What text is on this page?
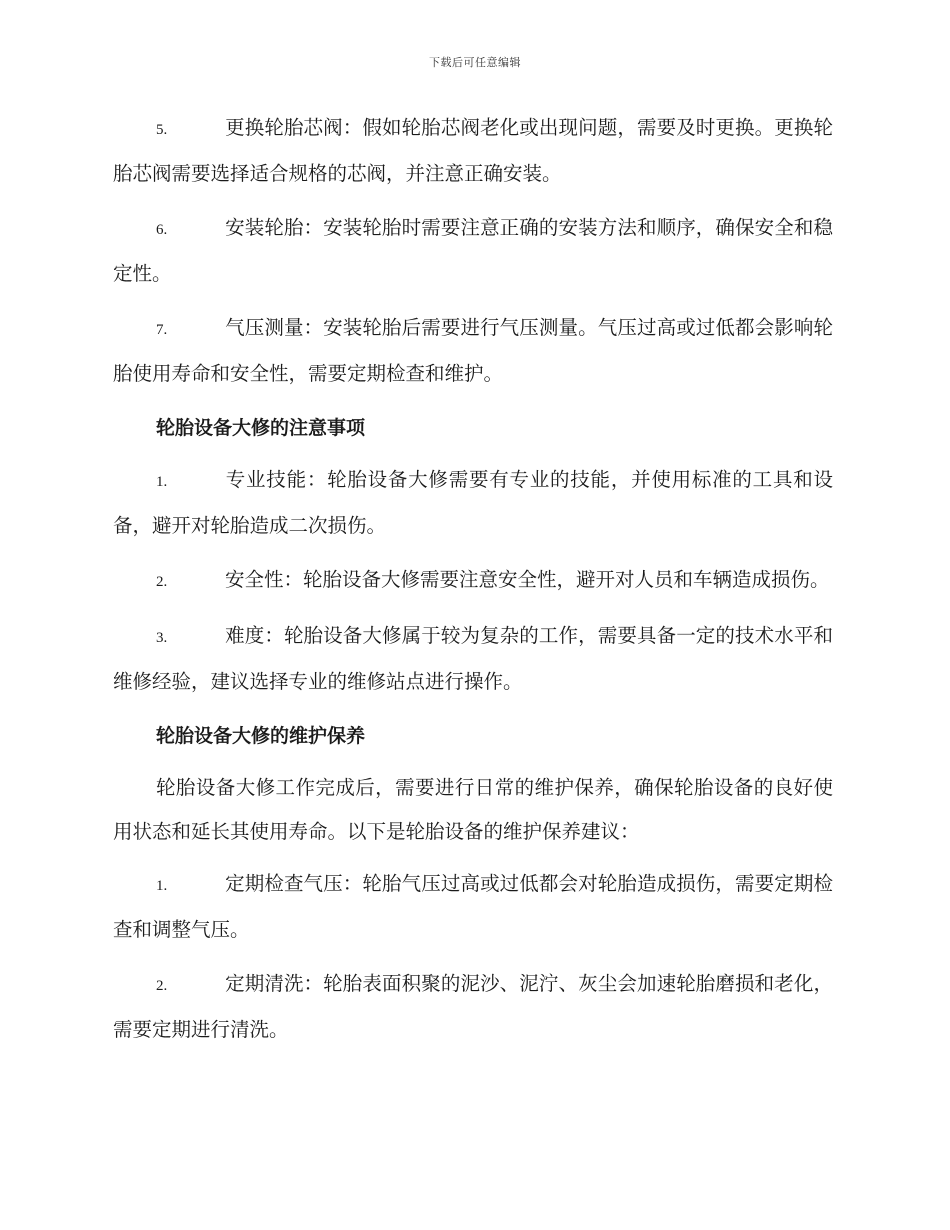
下载后可任意编辑
5.	更换轮胎芯阀：假如轮胎芯阀老化或出现问题，需要及时更换。更换轮胎芯阀需要选择适合规格的芯阀，并注意正确安装。
6.	安装轮胎：安装轮胎时需要注意正确的安装方法和顺序，确保安全和稳定性。
7.	气压测量：安装轮胎后需要进行气压测量。气压过高或过低都会影响轮胎使用寿命和安全性，需要定期检查和维护。
轮胎设备大修的注意事项
1.	专业技能：轮胎设备大修需要有专业的技能，并使用标准的工具和设备，避开对轮胎造成二次损伤。
2.	安全性：轮胎设备大修需要注意安全性，避开对人员和车辆造成损伤。
3.	难度：轮胎设备大修属于较为复杂的工作，需要具备一定的技术水平和维修经验，建议选择专业的维修站点进行操作。
轮胎设备大修的维护保养
轮胎设备大修工作完成后，需要进行日常的维护保养，确保轮胎设备的良好使用状态和延长其使用寿命。以下是轮胎设备的维护保养建议：
1.	定期检查气压：轮胎气压过高或过低都会对轮胎造成损伤，需要定期检查和调整气压。
2.	定期清洗：轮胎表面积聚的泥沙、泥泞、灰尘会加速轮胎磨损和老化，需要定期进行清洗。
